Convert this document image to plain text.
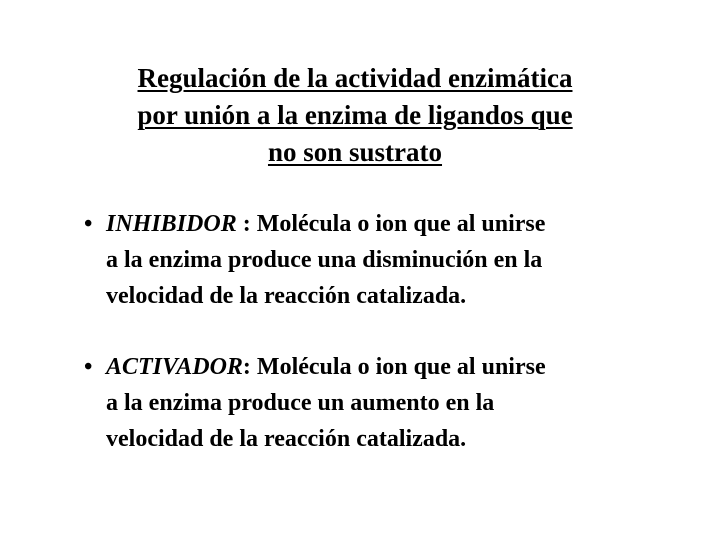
Regulación de la actividad enzimática
por unión a la enzima de ligandos que
no son sustrato
• INHIBIDOR : Molécula o ion que al unirse
a la enzima produce una disminución en la
velocidad de la reacción catalizada.
• ACTIVADOR: Molécula o ion que al unirse
a la enzima produce un aumento en la
velocidad de la reacción catalizada.
